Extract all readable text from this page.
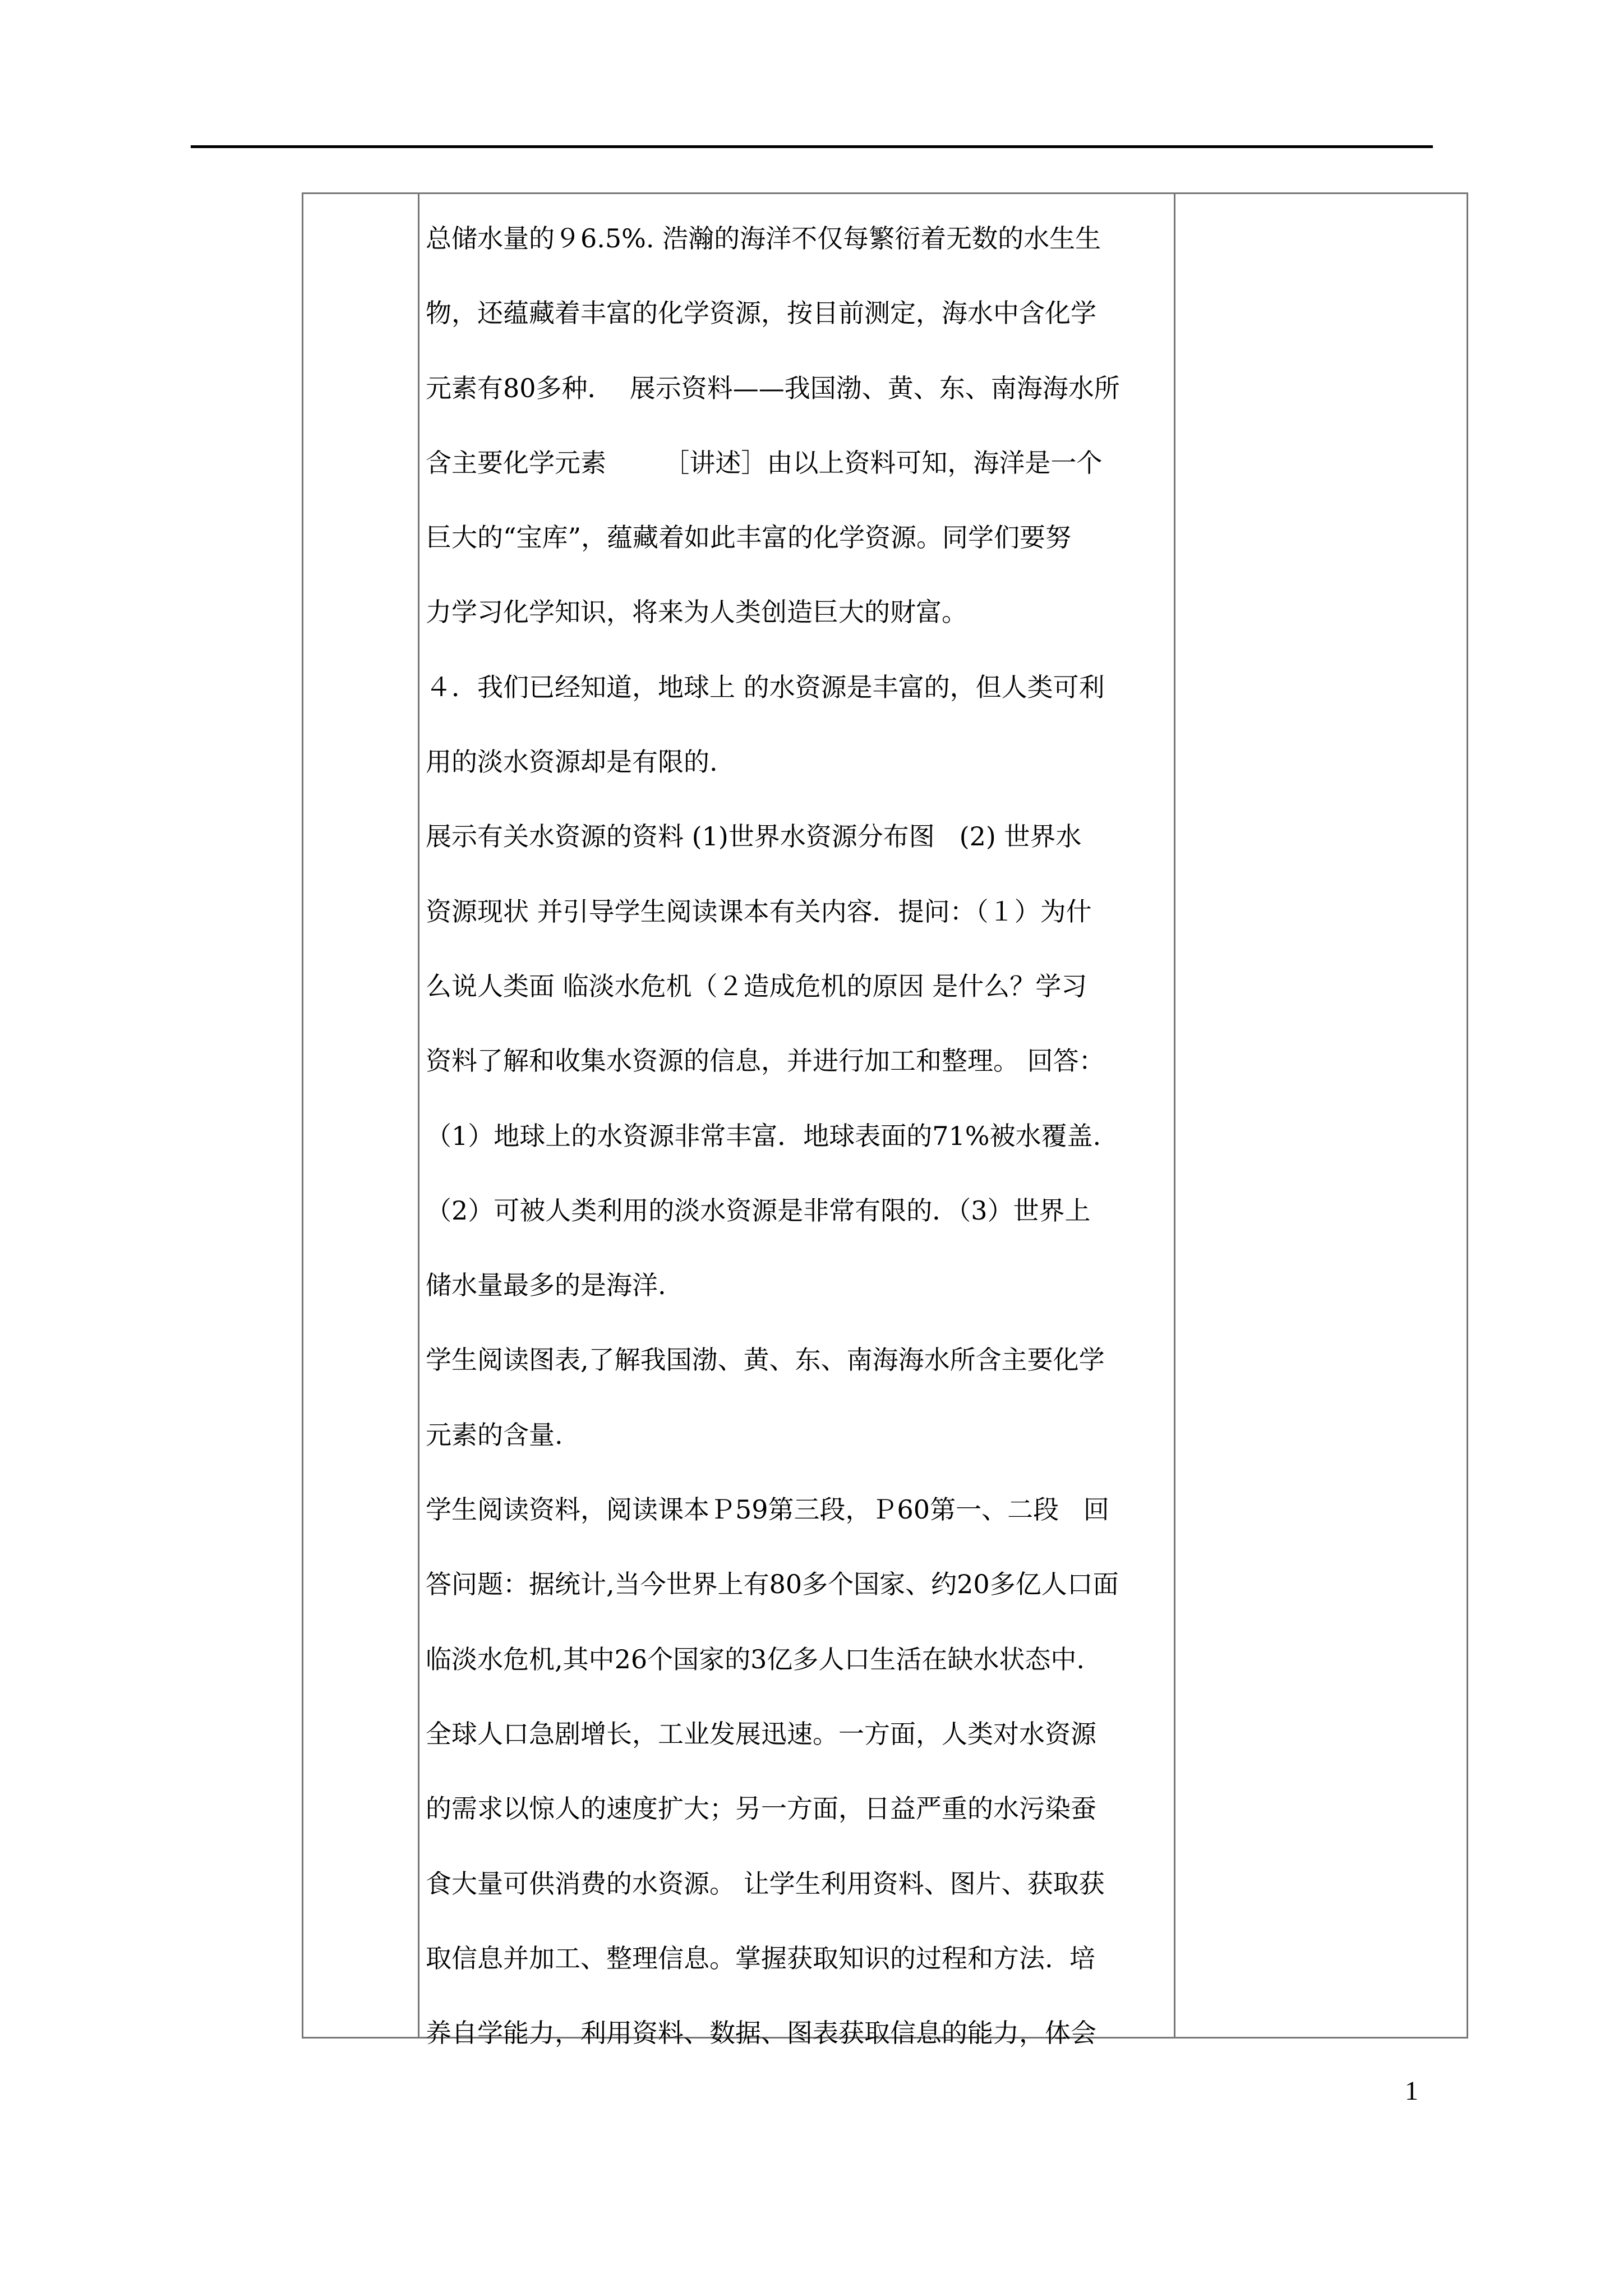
总储水量的９6.5%. 浩瀚的海洋不仅每繁衍着无数的水生生
物，还蕴藏着丰富的化学资源，按目前测定，海水中含化学
元素有80多种．  展示资料——我国渤、黄、东、南海海水所
含主要化学元素       ［讲述］由以上资料可知，海洋是一个
巨大的“宝库”，蕴藏着如此丰富的化学资源。同学们要努
力学习化学知识，将来为人类创造巨大的财富。
４．我们已经知道，地球上 的水资源是丰富的，但人类可利
用的淡水资源却是有限的.
展示有关水资源的资料 (1)世界水资源分布图   (2) 世界水
资源现状 并引导学生阅读课本有关内容．提问：（１）为什
么说人类面 临淡水危机（２造成危机的原因 是什么？学习
资料了解和收集水资源的信息，并进行加工和整理。 回答：
（1）地球上的水资源非常丰富．地球表面的71%被水覆盖.
（2）可被人类利用的淡水资源是非常有限的．（3）世界上
储水量最多的是海洋.
学生阅读图表,了解我国渤、黄、东、南海海水所含主要化学
元素的含量.
学生阅读资料，阅读课本Ｐ59第三段，Ｐ60第一、二段   回
答问题：据统计,当今世界上有80多个国家、约20多亿人口面
临淡水危机,其中26个国家的3亿多人口生活在缺水状态中.
全球人口急剧增长，工业发展迅速。一方面，人类对水资源
的需求以惊人的速度扩大；另一方面，日益严重的水污染蚕
食大量可供消费的水资源。 让学生利用资料、图片、获取获
取信息并加工、整理信息。掌握获取知识的过程和方法.  培
养自学能力，利用资料、数据、图表获取信息的能力，体会
1
